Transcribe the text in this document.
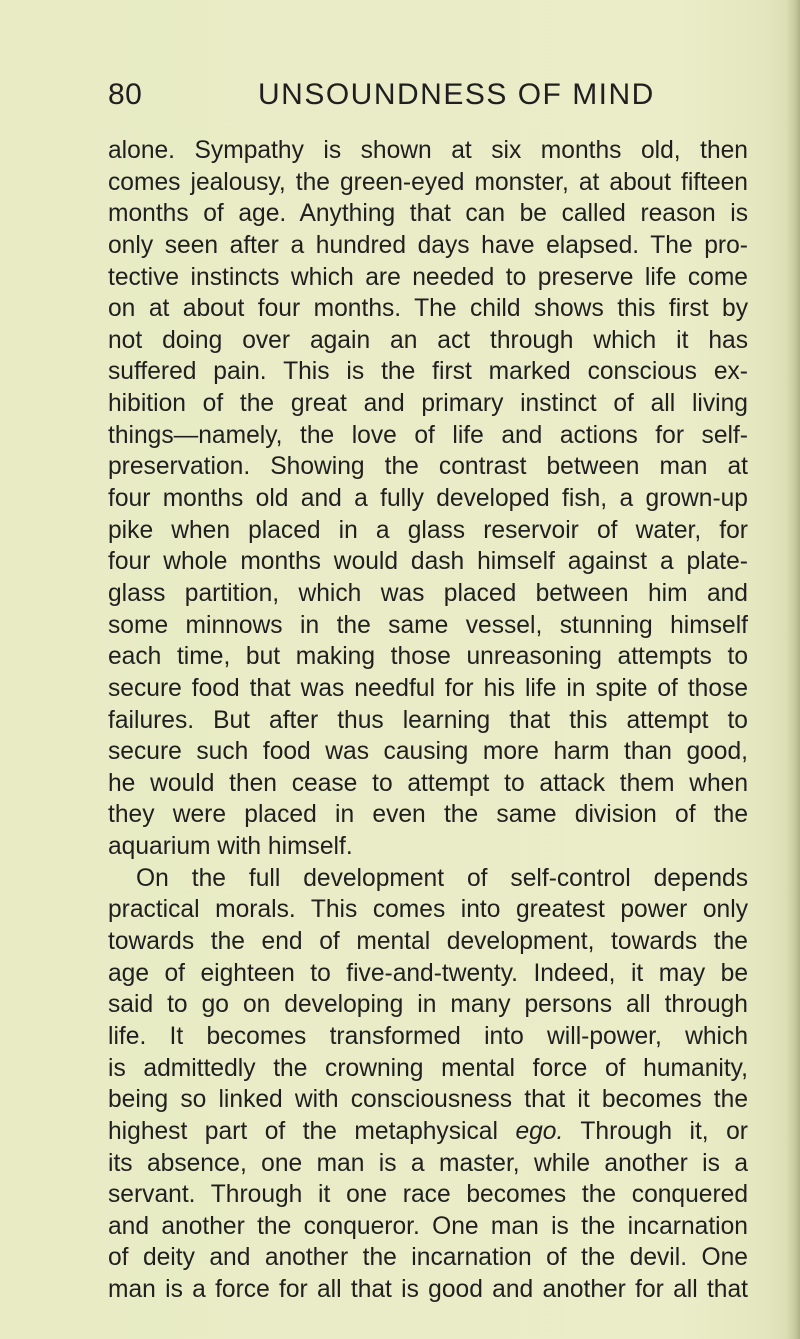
80	UNSOUNDNESS OF MIND
alone. Sympathy is shown at six months old, then
comes jealousy, the green-eyed monster, at about fifteen
months of age. Anything that can be called reason is
only seen after a hundred days have elapsed. The pro-
tective instincts which are needed to preserve life come
on at about four months. The child shows this first by
not doing over again an act through which it has
suffered pain. This is the first marked conscious ex-
hibition of the great and primary instinct of all living
things—namely, the love of life and actions for self-
preservation. Showing the contrast between man at
four months old and a fully developed fish, a grown-up
pike when placed in a glass reservoir of water, for
four whole months would dash himself against a plate-
glass partition, which was placed between him and
some minnows in the same vessel, stunning himself
each time, but making those unreasoning attempts to
secure food that was needful for his life in spite of those
failures. But after thus learning that this attempt to
secure such food was causing more harm than good,
he would then cease to attempt to attack them when
they were placed in even the same division of the
aquarium with himself.
On the full development of self-control depends
practical morals. This comes into greatest power only
towards the end of mental development, towards the
age of eighteen to five-and-twenty. Indeed, it may be
said to go on developing in many persons all through
life. It becomes transformed into will-power, which
is admittedly the crowning mental force of humanity,
being so linked with consciousness that it becomes the
highest part of the metaphysical ego. Through it, or
its absence, one man is a master, while another is a
servant. Through it one race becomes the conquered
and another the conqueror. One man is the incarnation
of deity and another the incarnation of the devil. One
man is a force for all that is good and another for all that
